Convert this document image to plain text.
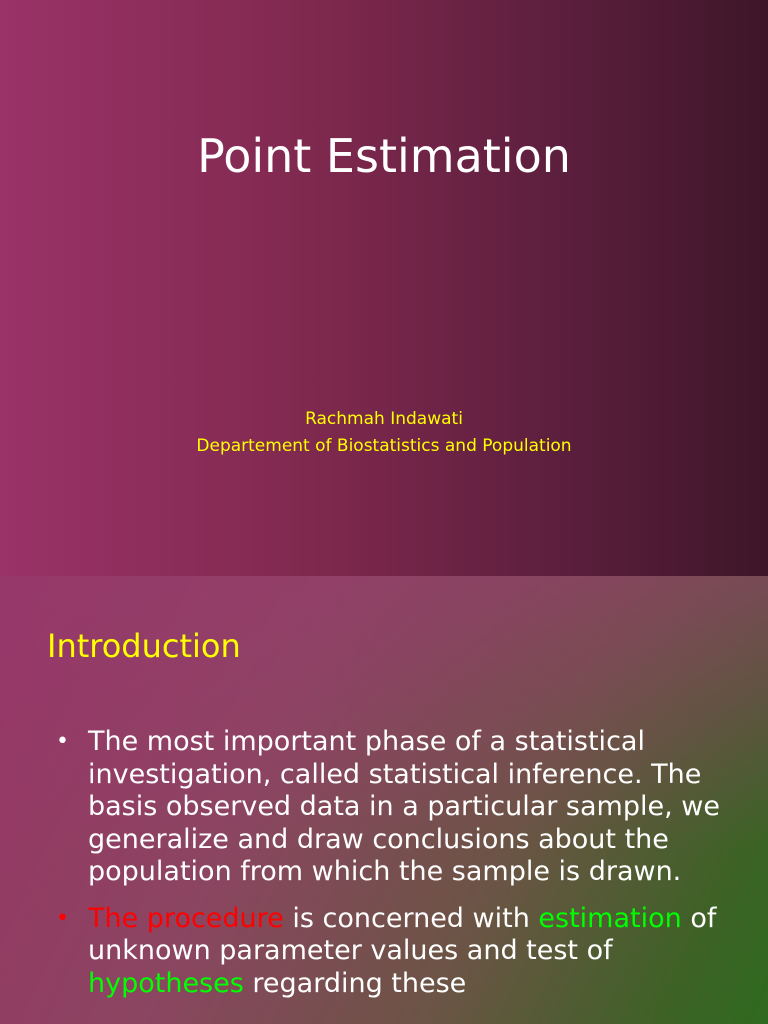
Point Estimation
Rachmah Indawati
Departement of Biostatistics and Population
Introduction
• The most important phase of a statistical investigation, called statistical inference. The basis observed data in a particular sample, we generalize and draw conclusions about the population from which the sample is drawn.
• The procedure is concerned with estimation of unknown parameter values and test of hypotheses regarding these
